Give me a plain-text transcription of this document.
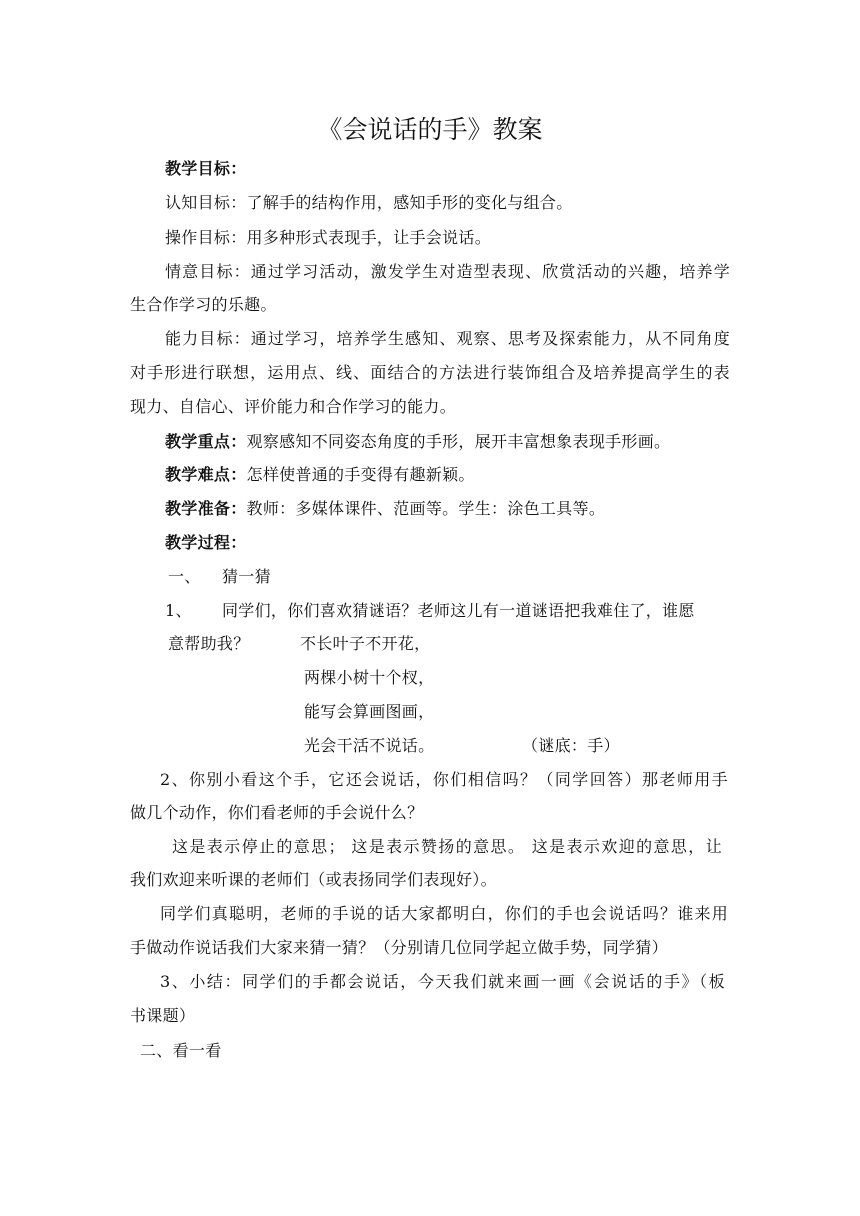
《会说话的手》教案
教学目标：
认知目标：了解手的结构作用，感知手形的变化与组合。
操作目标：用多种形式表现手，让手会说话。
情意目标：通过学习活动，激发学生对造型表现、欣赏活动的兴趣，培养学
生合作学习的乐趣。
能力目标：通过学习，培养学生感知、观察、思考及探索能力，从不同角度
对手形进行联想，运用点、线、面结合的方法进行装饰组合及培养提高学生的表
现力、自信心、评价能力和合作学习的能力。
教学重点：观察感知不同姿态角度的手形，展开丰富想象表现手形画。
教学难点：怎样使普通的手变得有趣新颖。
教学准备：教师：多媒体课件、范画等。学生：涂色工具等。
教学过程：
一、 猜一猜
1、 同学们，你们喜欢猜谜语？老师这儿有一道谜语把我难住了，谁愿
意帮助我？	不长叶子不开花，
两棵小树十个杈，
能写会算画图画，
光会干活不说话。	（谜底：手）
2、你别小看这个手，它还会说话，你们相信吗？（同学回答）那老师用手
做几个动作，你们看老师的手会说什么？
这是表示停止的意思； 这是表示赞扬的意思。 这是表示欢迎的意思，让
我们欢迎来听课的老师们（或表扬同学们表现好）。
同学们真聪明，老师的手说的话大家都明白，你们的手也会说话吗？谁来用
手做动作说话我们大家来猜一猜？（分别请几位同学起立做手势，同学猜）
3、小结：同学们的手都会说话，今天我们就来画一画《会说话的手》（板
书课题）
二、看一看
